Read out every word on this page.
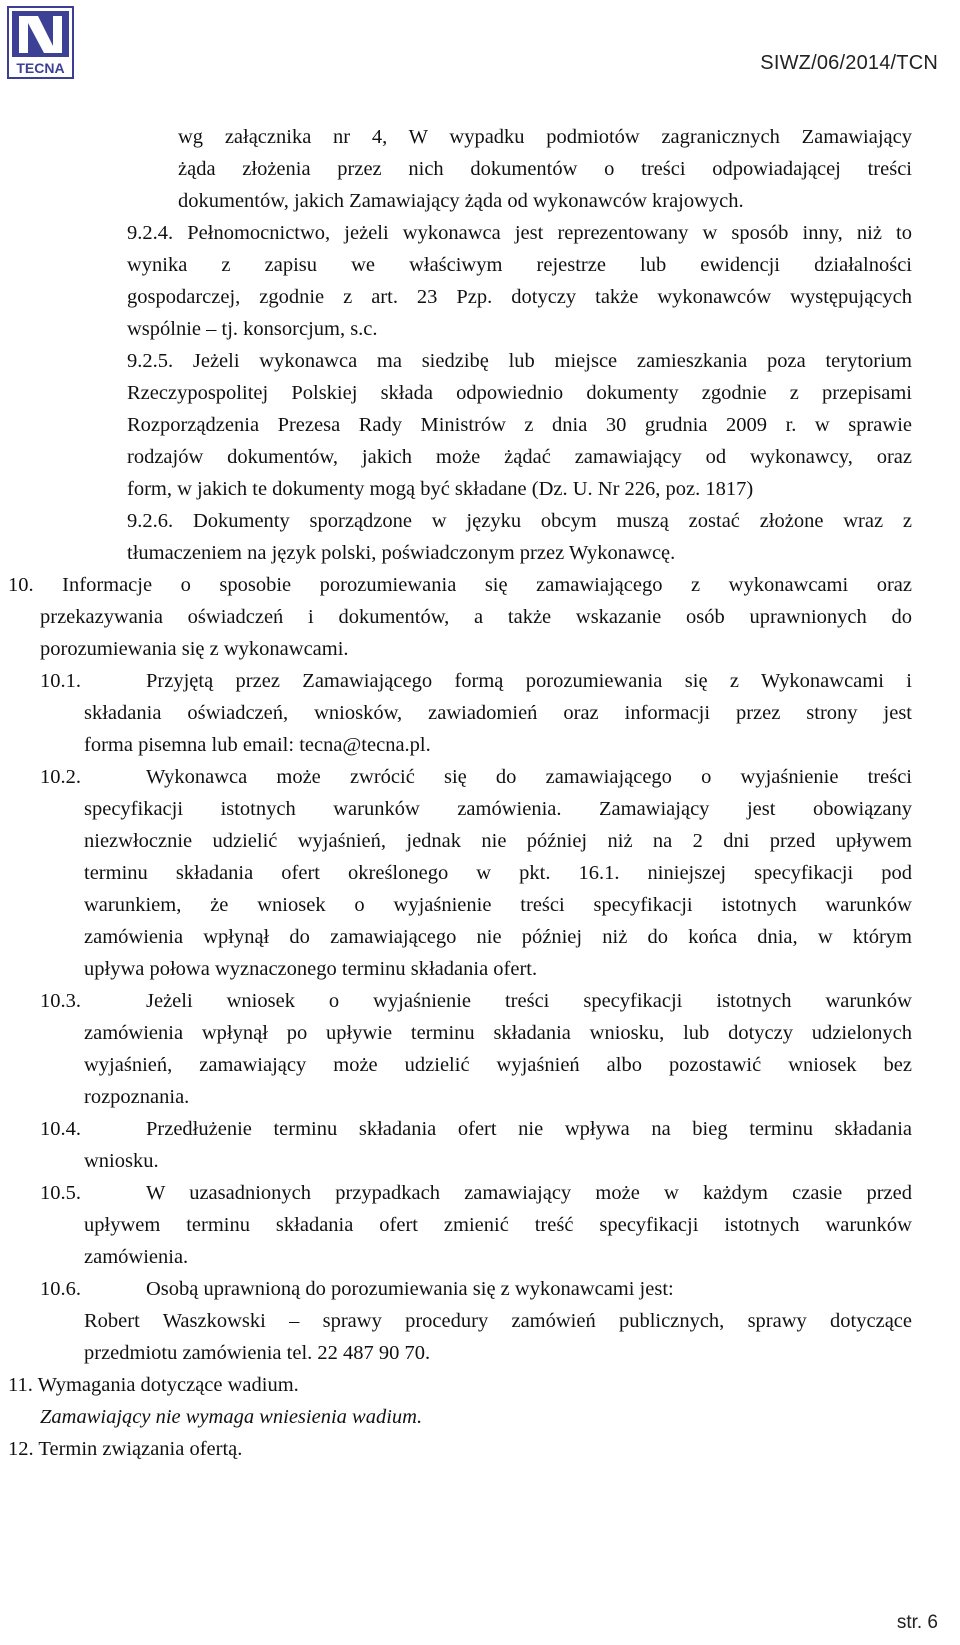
TECNA	SIWZ/06/2014/TCN
wg załącznika nr 4, W wypadku podmiotów zagranicznych Zamawiający
żąda złożenia przez nich dokumentów o treści odpowiadającej treści
dokumentów, jakich Zamawiający żąda od wykonawców krajowych.
9.2.4. Pełnomocnictwo, jeżeli wykonawca jest reprezentowany w sposób inny, niż to
wynika z zapisu we właściwym rejestrze lub ewidencji działalności
gospodarczej, zgodnie z art. 23 Pzp. dotyczy także wykonawców występujących
wspólnie – tj. konsorcjum, s.c.
9.2.5. Jeżeli wykonawca ma siedzibę lub miejsce zamieszkania poza terytorium
Rzeczypospolitej Polskiej składa odpowiednio dokumenty zgodnie z przepisami
Rozporządzenia Prezesa Rady Ministrów z dnia 30 grudnia 2009 r. w sprawie
rodzajów dokumentów, jakich może żądać zamawiający od wykonawcy, oraz
form, w jakich te dokumenty mogą być składane (Dz. U. Nr 226, poz. 1817)
9.2.6. Dokumenty sporządzone w języku obcym muszą zostać złożone wraz z
tłumaczeniem na język polski, poświadczonym przez Wykonawcę.
10. Informacje o sposobie porozumiewania się zamawiającego z wykonawcami oraz
przekazywania oświadczeń i dokumentów, a także wskazanie osób uprawnionych do
porozumiewania się z wykonawcami.
10.1.	Przyjętą przez Zamawiającego formą porozumiewania się z Wykonawcami i
składania oświadczeń, wniosków, zawiadomień oraz informacji przez strony jest
forma pisemna lub email: tecna@tecna.pl.
10.2.	Wykonawca może zwrócić się do zamawiającego o wyjaśnienie treści
specyfikacji istotnych warunków zamówienia. Zamawiający jest obowiązany
niezwłocznie udzielić wyjaśnień, jednak nie później niż na 2 dni przed upływem
terminu składania ofert określonego w pkt. 16.1. niniejszej specyfikacji pod
warunkiem, że wniosek o wyjaśnienie treści specyfikacji istotnych warunków
zamówienia wpłynął do zamawiającego nie później niż do końca dnia, w którym
upływa połowa wyznaczonego terminu składania ofert.
10.3.	Jeżeli wniosek o wyjaśnienie treści specyfikacji istotnych warunków
zamówienia wpłynął po upływie terminu składania wniosku, lub dotyczy udzielonych
wyjaśnień, zamawiający może udzielić wyjaśnień albo pozostawić wniosek bez
rozpoznania.
10.4.	Przedłużenie terminu składania ofert nie wpływa na bieg terminu składania
wniosku.
10.5.	W uzasadnionych przypadkach zamawiający może w każdym czasie przed
upływem terminu składania ofert zmienić treść specyfikacji istotnych warunków
zamówienia.
10.6.	Osobą uprawnioną do porozumiewania się z wykonawcami jest:
Robert Waszkowski – sprawy procedury zamówień publicznych, sprawy dotyczące
przedmiotu zamówienia tel. 22 487 90 70.
11. Wymagania dotyczące wadium.
Zamawiający nie wymaga wniesienia wadium.
12. Termin związania ofertą.
str. 6
